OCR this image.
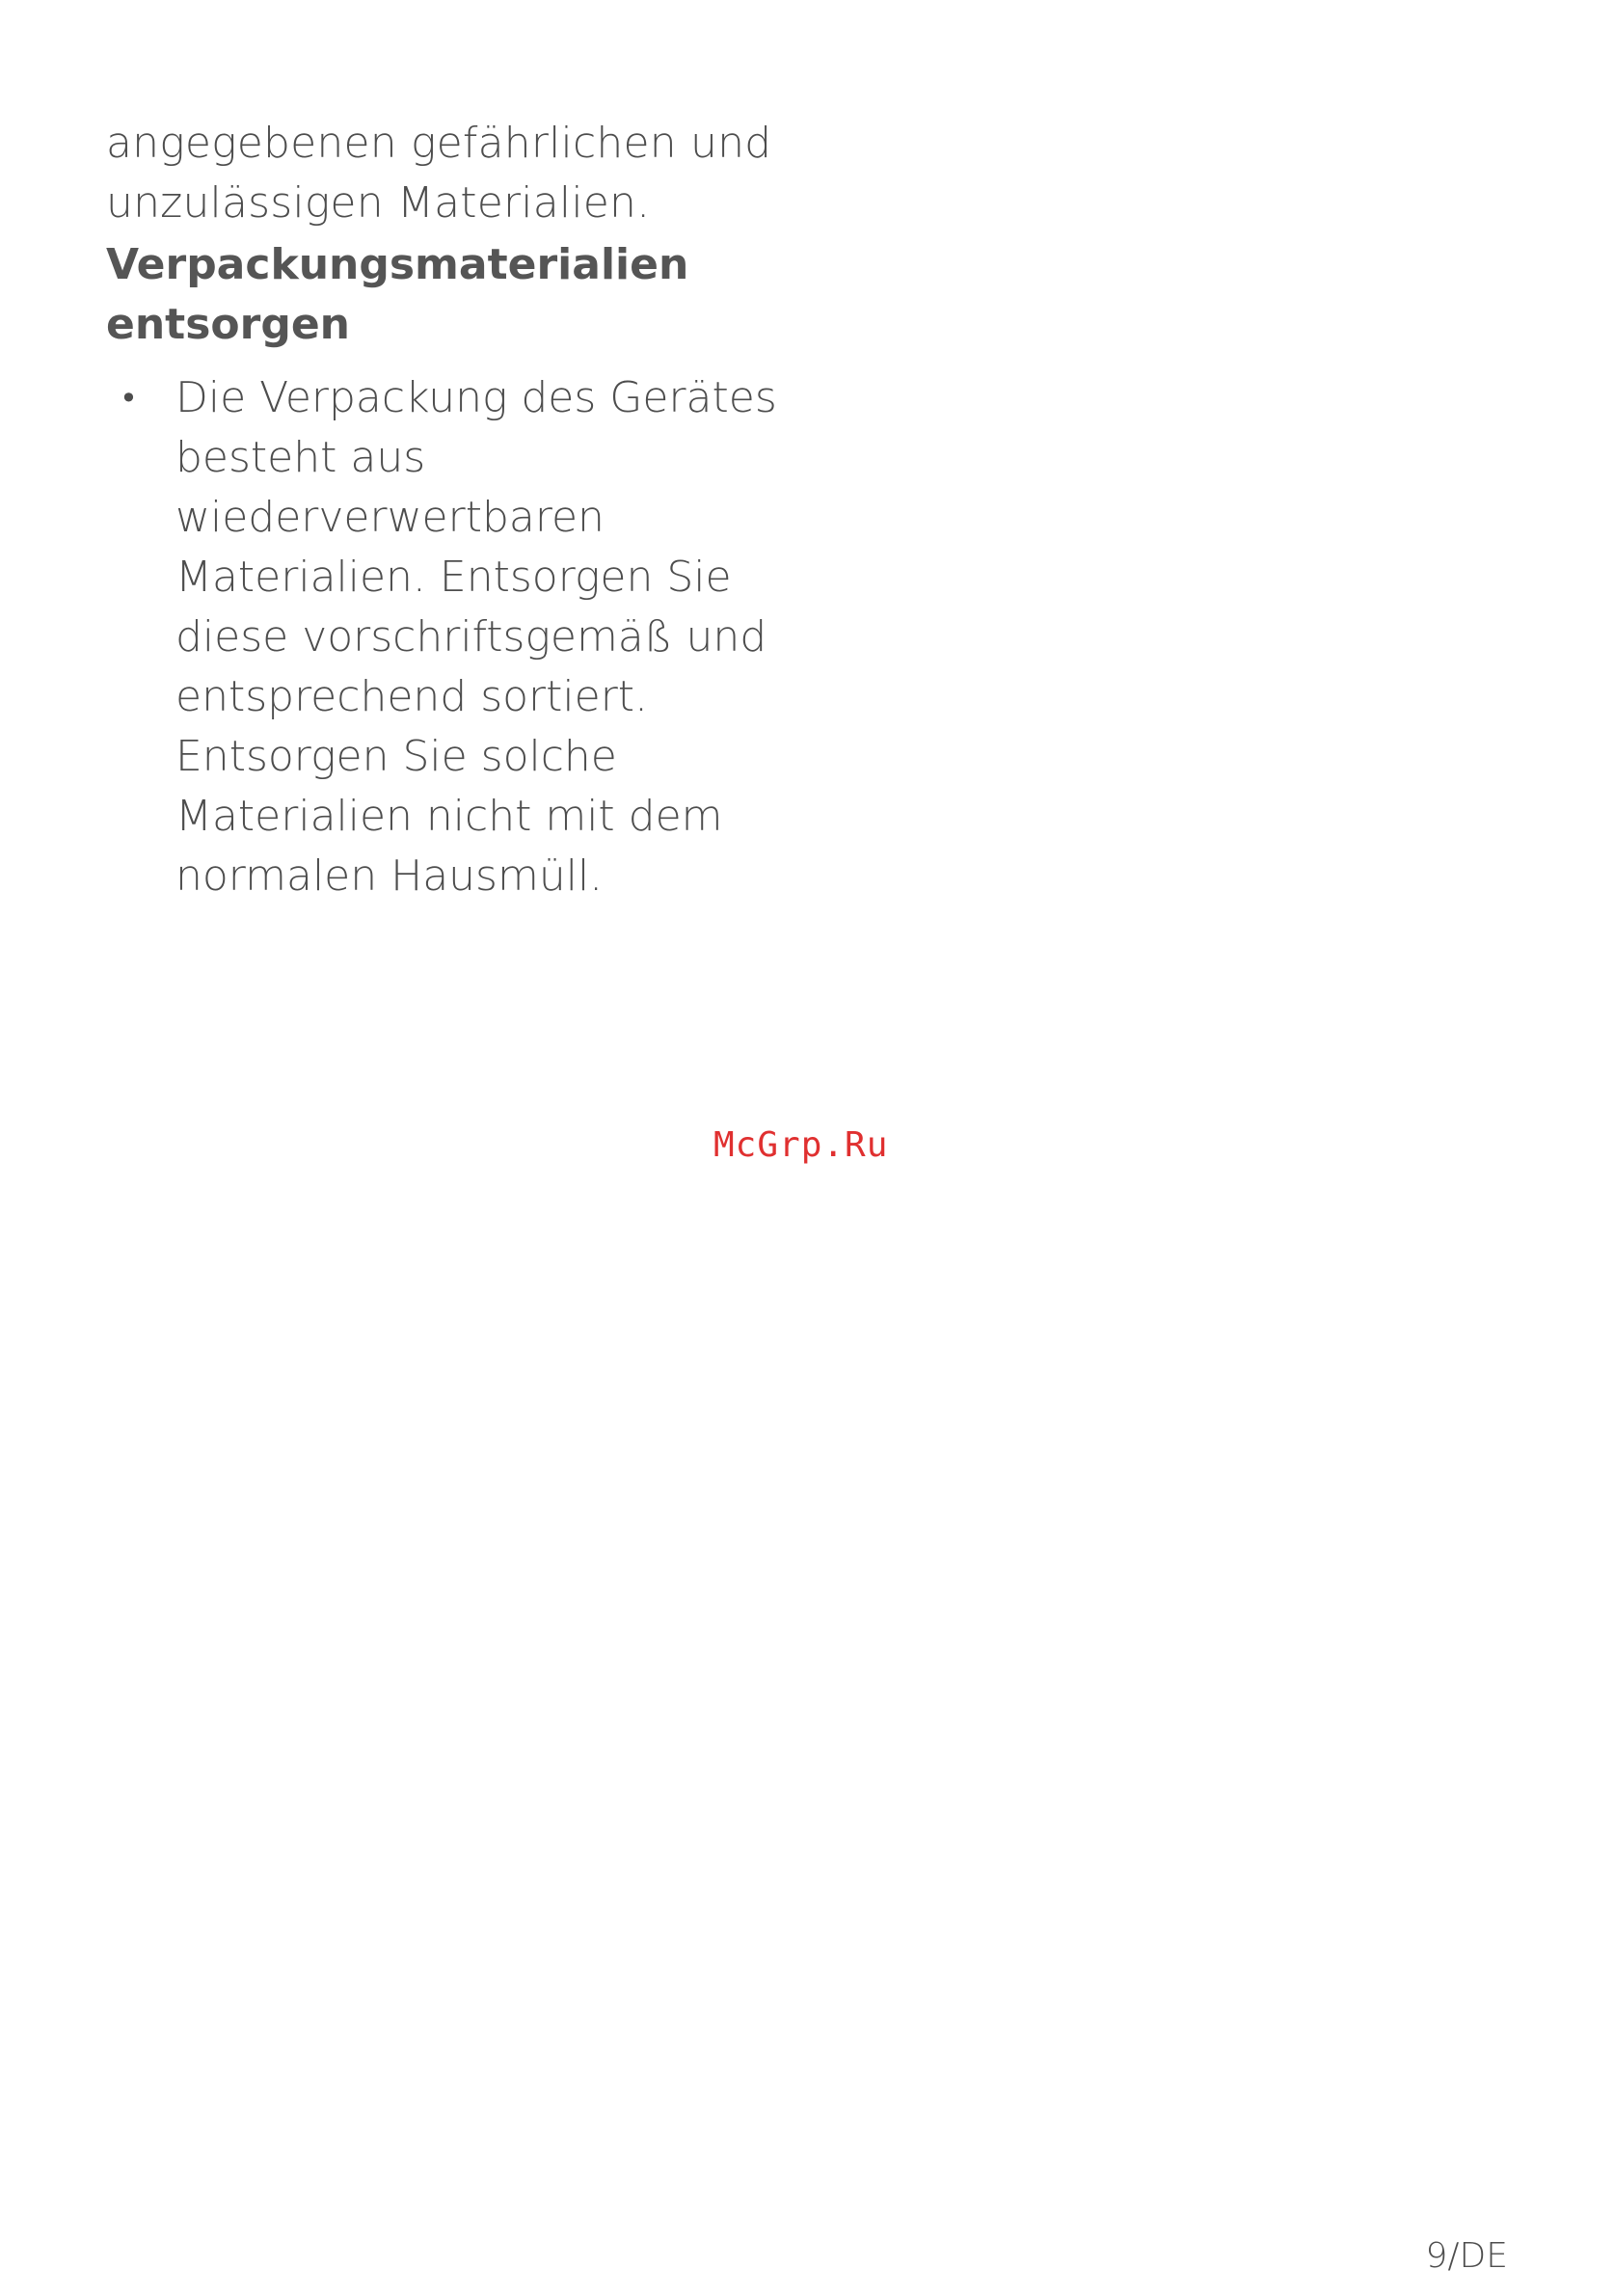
angegebenen gefährlichen und unzulässigen Materialien.

Verpackungsmaterialien entsorgen
• Die Verpackung des Gerätes besteht aus wiederverwertbaren Materialien. Entsorgen Sie diese vorschriftsgemäß und entsprechend sortiert. Entsorgen Sie solche Materialien nicht mit dem normalen Hausmüll.
McGrp.Ru
9/DE
